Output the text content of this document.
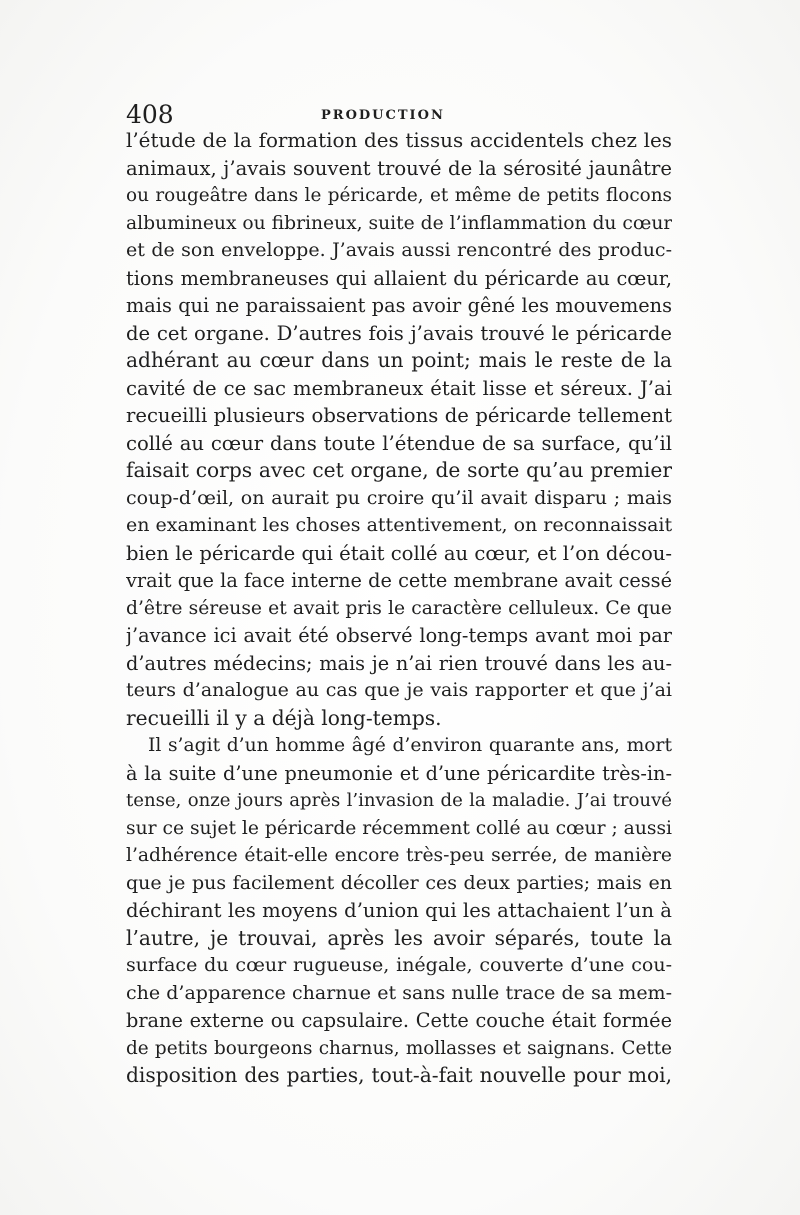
408	PRODUCTION
l’étude de la formation des tissus accidentels chez les
animaux, j’avais souvent trouvé de la sérosité jaunâtre
ou rougeâtre dans le péricarde, et même de petits flocons
albumineux ou fibrineux, suite de l’inflammation du cœur
et de son enveloppe. J’avais aussi rencontré des produc-
tions membraneuses qui allaient du péricarde au cœur,
mais qui ne paraissaient pas avoir gêné les mouvemens
de cet organe. D’autres fois j’avais trouvé le péricarde
adhérant au cœur dans un point; mais le reste de la
cavité de ce sac membraneux était lisse et séreux. J’ai
recueilli plusieurs observations de péricarde tellement
collé au cœur dans toute l’étendue de sa surface, qu’il
faisait corps avec cet organe, de sorte qu’au premier
coup-d’œil, on aurait pu croire qu’il avait disparu ; mais
en examinant les choses attentivement, on reconnaissait
bien le péricarde qui était collé au cœur, et l’on décou-
vrait que la face interne de cette membrane avait cessé
d’être séreuse et avait pris le caractère celluleux. Ce que
j’avance ici avait été observé long-temps avant moi par
d’autres médecins; mais je n’ai rien trouvé dans les au-
teurs d’analogue au cas que je vais rapporter et que j’ai
recueilli il y a déjà long-temps.
Il s’agit d’un homme âgé d’environ quarante ans, mort
à la suite d’une pneumonie et d’une péricardite très-in-
tense, onze jours après l’invasion de la maladie. J’ai trouvé
sur ce sujet le péricarde récemment collé au cœur ; aussi
l’adhérence était-elle encore très-peu serrée, de manière
que je pus facilement décoller ces deux parties; mais en
déchirant les moyens d’union qui les attachaient l’un à
l’autre, je trouvai, après les avoir séparés, toute la
surface du cœur rugueuse, inégale, couverte d’une cou-
che d’apparence charnue et sans nulle trace de sa mem-
brane externe ou capsulaire. Cette couche était formée
de petits bourgeons charnus, mollasses et saignans. Cette
disposition des parties, tout-à-fait nouvelle pour moi,
